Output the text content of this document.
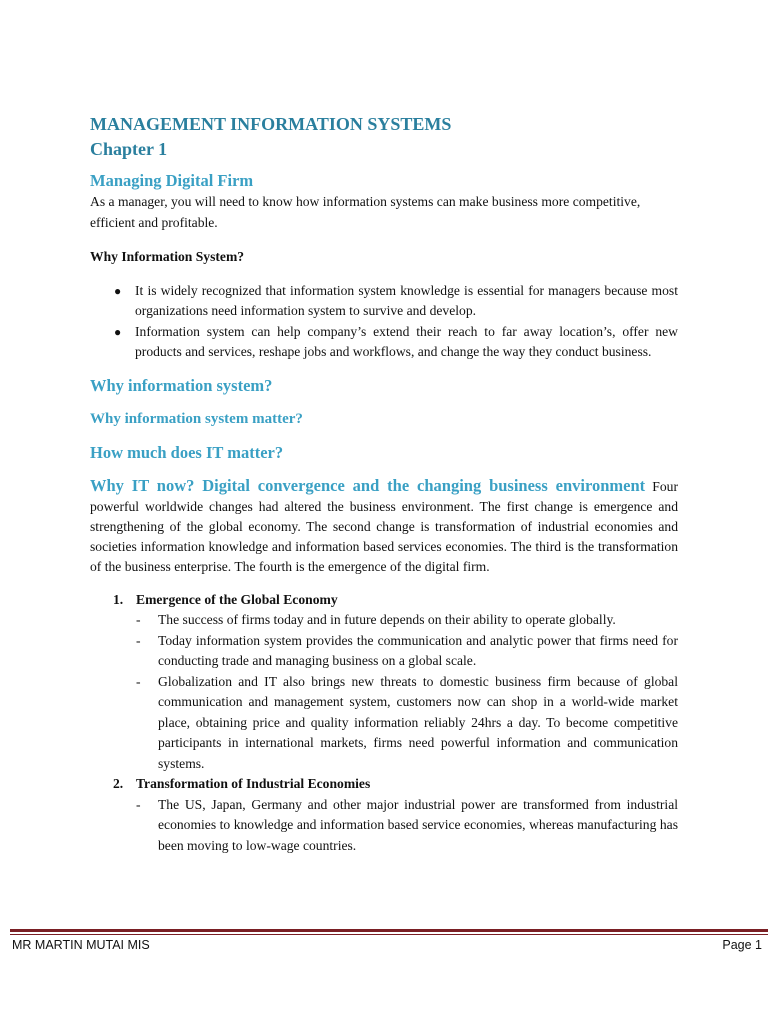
MANAGEMENT INFORMATION SYSTEMS
Chapter 1
Managing Digital Firm

As a manager, you will need to know how information systems can make business more competitive, efficient and profitable.

Why Information System?

● It is widely recognized that information system knowledge is essential for managers because most organizations need information system to survive and develop.
● Information system can help company’s extend their reach to far away location’s, offer new products and services, reshape jobs and workflows, and change the way they conduct business.
Why information system?
Why information system matter?
How much does IT matter?

Why IT now? Digital convergence and the changing business environment Four powerful worldwide changes had altered the business environment. The first change is emergence and strengthening of the global economy. The second change is transformation of industrial economies and societies information knowledge and information based services economies. The third is the transformation of the business enterprise. The fourth is the emergence of the digital firm.

1. Emergence of the Global Economy
- The success of firms today and in future depends on their ability to operate globally.
- Today information system provides the communication and analytic power that firms need for conducting trade and managing business on a global scale.
- Globalization and IT also brings new threats to domestic business firm because of global communication and management system, customers now can shop in a world-wide market place, obtaining price and quality information reliably 24hrs a day. To become competitive participants in international markets, firms need powerful information and communication systems.
2. Transformation of Industrial Economies
- The US, Japan, Germany and other major industrial power are transformed from industrial economies to knowledge and information based service economies, whereas manufacturing has been moving to low-wage countries.
MR MARTIN MUTAI MIS	Page 1
